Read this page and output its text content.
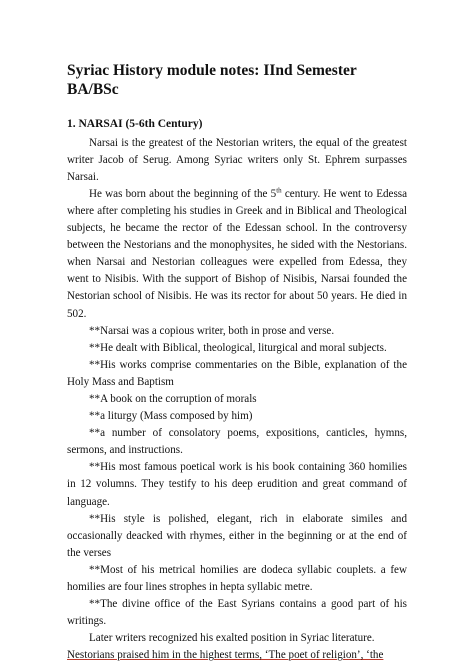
Syriac History module notes: IInd Semester BA/BSc
1. NARSAI (5-6th Century)

Narsai is the greatest of the Nestorian writers, the equal of the greatest writer Jacob of Serug. Among Syriac writers only St. Ephrem surpasses Narsai.

He was born about the beginning of the 5th century. He went to Edessa where after completing his studies in Greek and in Biblical and Theological subjects, he became the rector of the Edessan school. In the controversy between the Nestorians and the monophysites, he sided with the Nestorians. when Narsai and Nestorian colleagues were expelled from Edessa, they went to Nisibis. With the support of Bishop of Nisibis, Narsai founded the Nestorian school of Nisibis. He was its rector for about 50 years. He died in 502.

**Narsai was a copious writer, both in prose and verse.

**He dealt with Biblical, theological, liturgical and moral subjects.

**His works comprise commentaries on the Bible, explanation of the Holy Mass and Baptism

**A book on the corruption of morals

**a liturgy (Mass composed by him)

**a number of consolatory poems, expositions, canticles, hymns, sermons, and instructions.

**His most famous poetical work is his book containing 360 homilies in 12 volumns. They testify to his deep erudition and great command of language.

**His style is polished, elegant, rich in elaborate similes and occasionally deacked with rhymes, either in the beginning or at the end of the verses

**Most of his metrical homilies are dodeca syllabic couplets. a few homilies are four lines strophes in hepta syllabic metre.

**The divine office of the East Syrians contains a good part of his writings.

Later writers recognized his exalted position in Syriac literature.

Nestorians praised him in the highest terms, ‘The poet of religion’, ‘the
